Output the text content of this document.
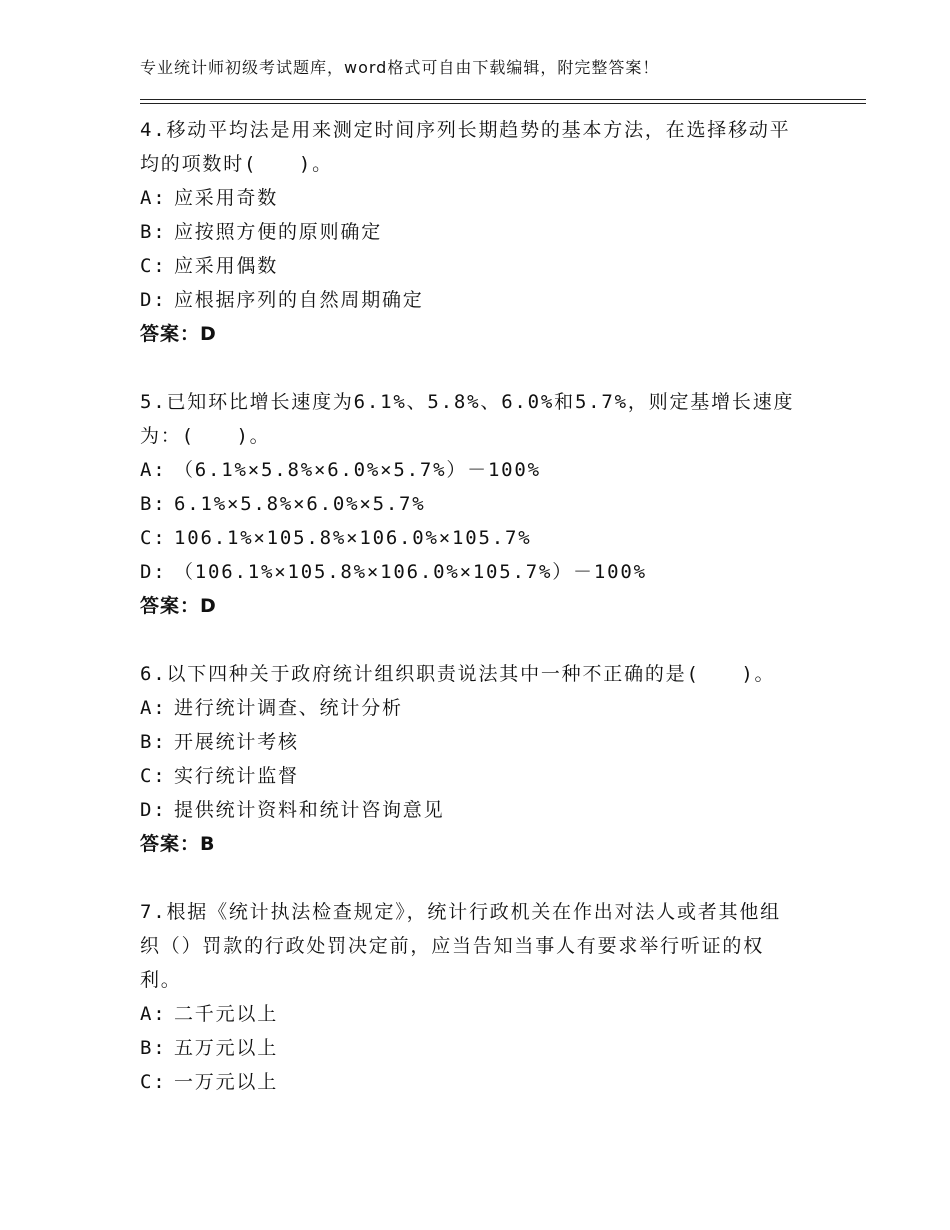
专业统计师初级考试题库，word格式可自由下载编辑，附完整答案！

4.移动平均法是用来测定时间序列长期趋势的基本方法，在选择移动平均的项数时(　　)。

A: 应采用奇数

B: 应按照方便的原则确定

C: 应采用偶数

D: 应根据序列的自然周期确定

答案：D

5.已知环比增长速度为6.1%、5.8%、6.0%和5.7%，则定基增长速度为：(　　)。

A: （6.1%×5.8%×6.0%×5.7%）－100%

B: 6.1%×5.8%×6.0%×5.7%

C: 106.1%×105.8%×106.0%×105.7%

D: （106.1%×105.8%×106.0%×105.7%）－100%

答案：D

6.以下四种关于政府统计组织职责说法其中一种不正确的是(　　)。

A: 进行统计调查、统计分析

B: 开展统计考核

C: 实行统计监督

D: 提供统计资料和统计咨询意见

答案：B

7.根据《统计执法检查规定》，统计行政机关在作出对法人或者其他组织（）罚款的行政处罚决定前，应当告知当事人有要求举行听证的权利。

A: 二千元以上

B: 五万元以上

C: 一万元以上
